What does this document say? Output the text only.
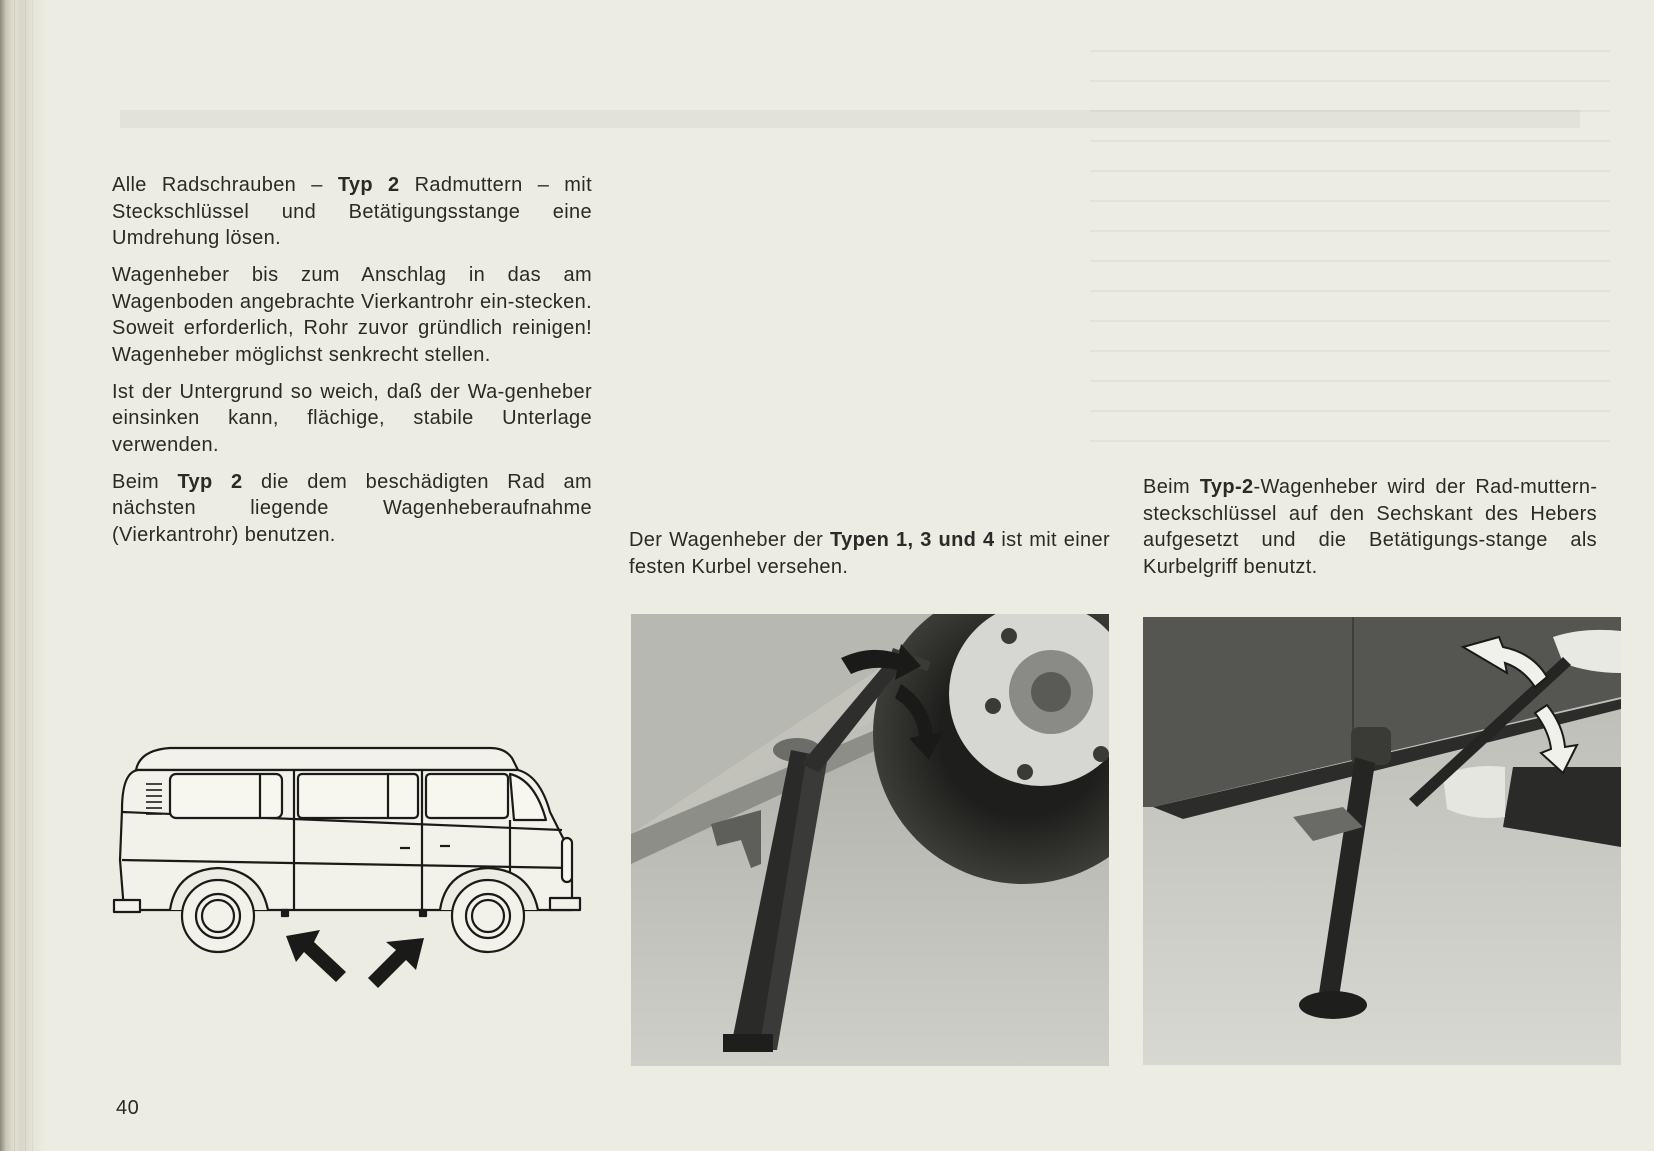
Alle Radschrauben – Typ 2 Radmuttern – mit Steckschlüssel und Betätigungsstange eine Umdrehung lösen.

Wagenheber bis zum Anschlag in das am Wagenboden angebrachte Vierkantrohr ein-stecken. Soweit erforderlich, Rohr zuvor gründlich reinigen! Wagenheber möglichst senkrecht stellen.

Ist der Untergrund so weich, daß der Wa-genheber einsinken kann, flächige, stabile Unterlage verwenden.

Beim Typ 2 die dem beschädigten Rad am nächsten liegende Wagenheberaufnahme (Vierkantrohr) benutzen.	Der Wagenheber der Typen 1, 3 und 4 ist mit einer festen Kurbel versehen.

Beim Typ-2-Wagenheber wird der Rad-mutternsteckschlüssel auf den Sechskant des Hebers aufgesetzt und die Betätigungs-stange als Kurbelgriff benutzt.

40
